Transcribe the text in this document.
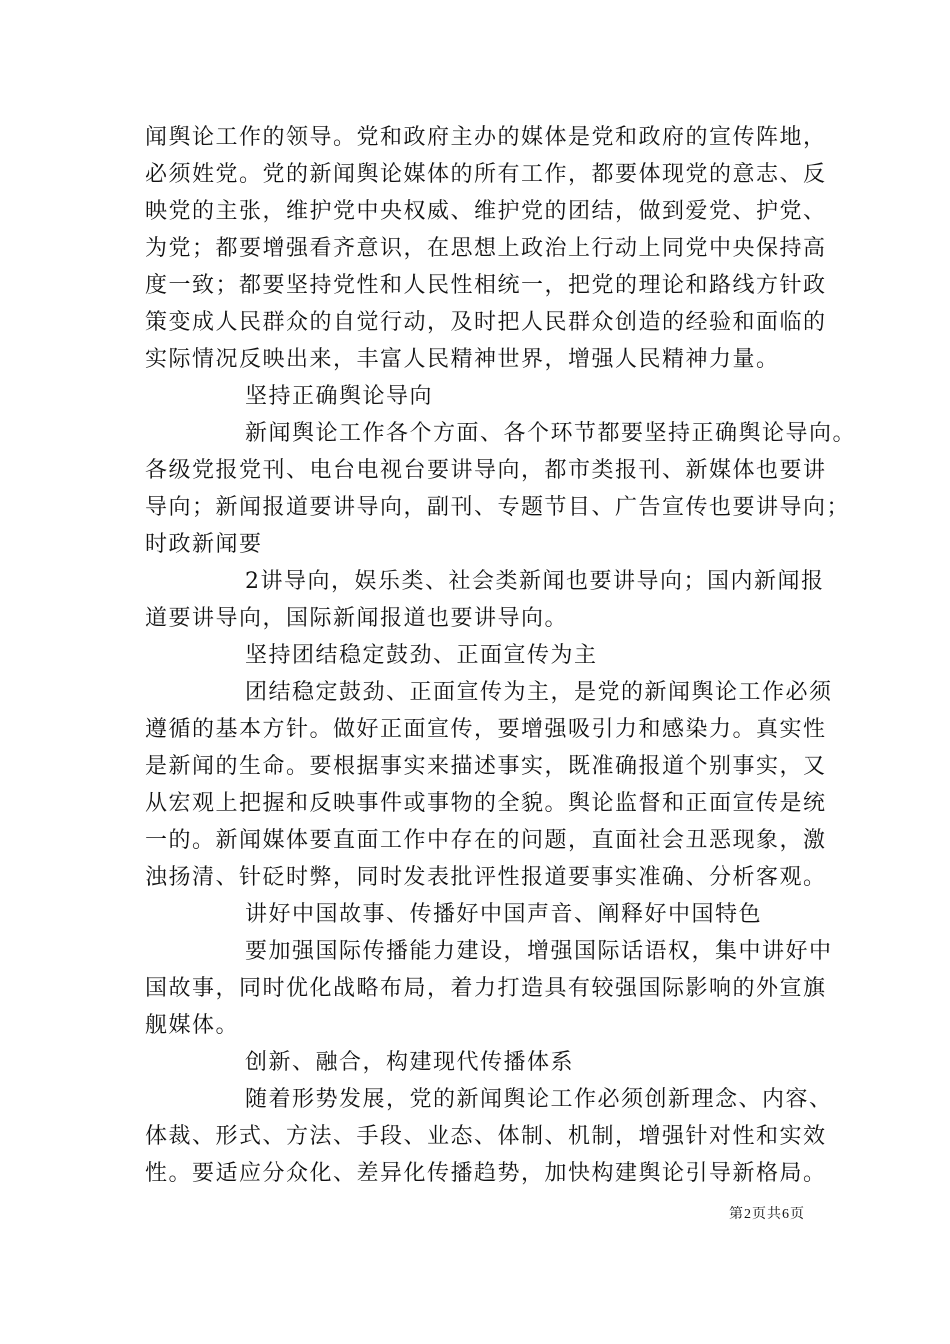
闻舆论工作的领导。党和政府主办的媒体是党和政府的宣传阵地，
必须姓党。党的新闻舆论媒体的所有工作，都要体现党的意志、反
映党的主张，维护党中央权威、维护党的团结，做到爱党、护党、
为党；都要增强看齐意识，在思想上政治上行动上同党中央保持高
度一致；都要坚持党性和人民性相统一，把党的理论和路线方针政
策变成人民群众的自觉行动，及时把人民群众创造的经验和面临的
实际情况反映出来，丰富人民精神世界，增强人民精神力量。
坚持正确舆论导向
新闻舆论工作各个方面、各个环节都要坚持正确舆论导向。
各级党报党刊、电台电视台要讲导向，都市类报刊、新媒体也要讲
导向；新闻报道要讲导向，副刊、专题节目、广告宣传也要讲导向；
时政新闻要
2讲导向，娱乐类、社会类新闻也要讲导向；国内新闻报
道要讲导向，国际新闻报道也要讲导向。
坚持团结稳定鼓劲、正面宣传为主
团结稳定鼓劲、正面宣传为主，是党的新闻舆论工作必须
遵循的基本方针。做好正面宣传，要增强吸引力和感染力。真实性
是新闻的生命。要根据事实来描述事实，既准确报道个别事实，又
从宏观上把握和反映事件或事物的全貌。舆论监督和正面宣传是统
一的。新闻媒体要直面工作中存在的问题，直面社会丑恶现象，激
浊扬清、针砭时弊，同时发表批评性报道要事实准确、分析客观。
讲好中国故事、传播好中国声音、阐释好中国特色
要加强国际传播能力建设，增强国际话语权，集中讲好中
国故事，同时优化战略布局，着力打造具有较强国际影响的外宣旗
舰媒体。
创新、融合，构建现代传播体系
随着形势发展，党的新闻舆论工作必须创新理念、内容、
体裁、形式、方法、手段、业态、体制、机制，增强针对性和实效
性。要适应分众化、差异化传播趋势，加快构建舆论引导新格局。
第2页共6页
